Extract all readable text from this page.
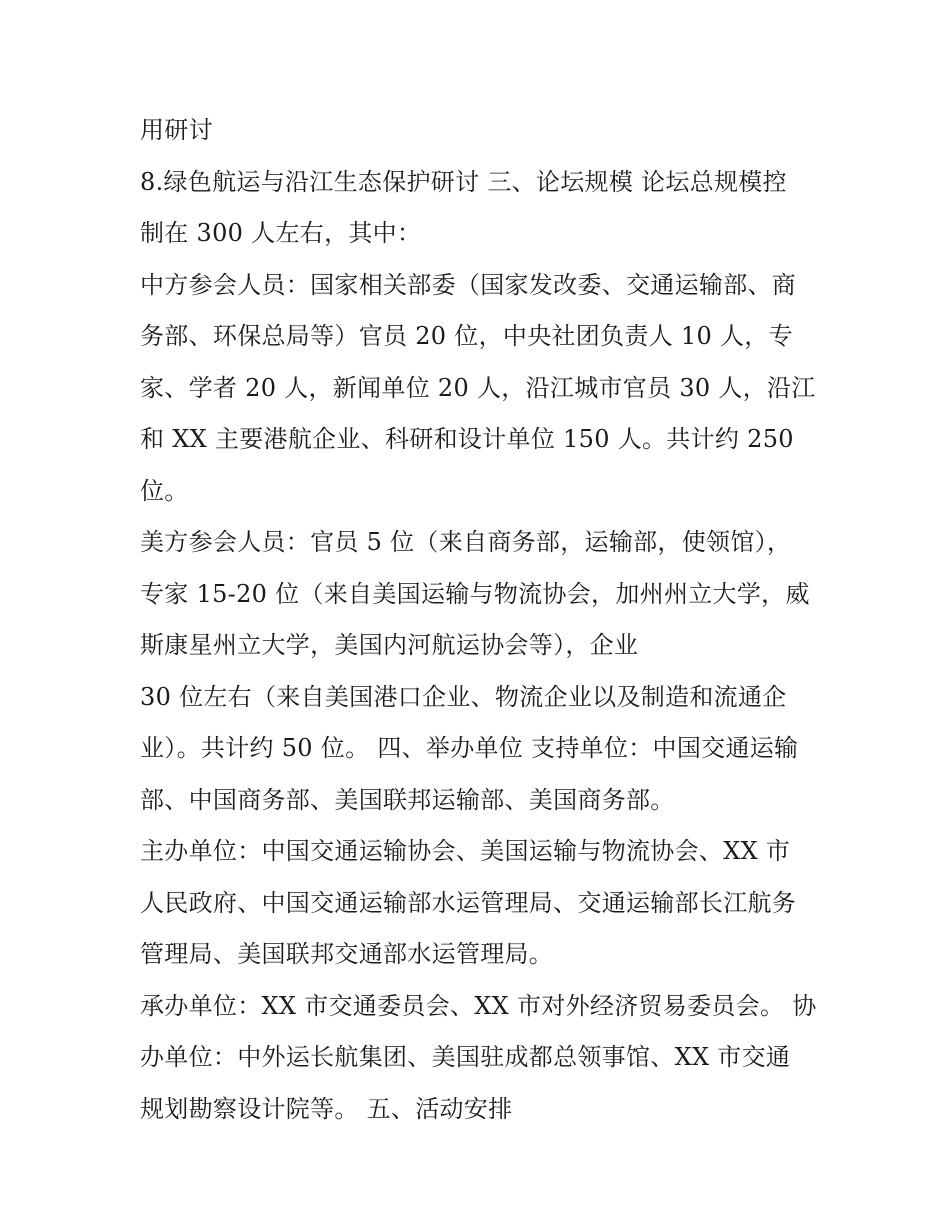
用研讨
8.绿色航运与沿江生态保护研讨 三、论坛规模 论坛总规模控
制在 300 人左右，其中：
中方参会人员：国家相关部委（国家发改委、交通运输部、商
务部、环保总局等）官员 20 位，中央社团负责人 10 人，专
家、学者 20 人，新闻单位 20 人，沿江城市官员 30 人，沿江
和 XX 主要港航企业、科研和设计单位 150 人。共计约 250
位。
美方参会人员：官员 5 位（来自商务部，运输部，使领馆），
专家 15-20 位（来自美国运输与物流协会，加州州立大学，威
斯康星州立大学，美国内河航运协会等），企业
30 位左右（来自美国港口企业、物流企业以及制造和流通企
业）。共计约 50 位。 四、举办单位 支持单位：中国交通运输
部、中国商务部、美国联邦运输部、美国商务部。
主办单位：中国交通运输协会、美国运输与物流协会、XX 市
人民政府、中国交通运输部水运管理局、交通运输部长江航务
管理局、美国联邦交通部水运管理局。
承办单位：XX 市交通委员会、XX 市对外经济贸易委员会。 协
办单位：中外运长航集团、美国驻成都总领事馆、XX 市交通
规划勘察设计院等。 五、活动安排
